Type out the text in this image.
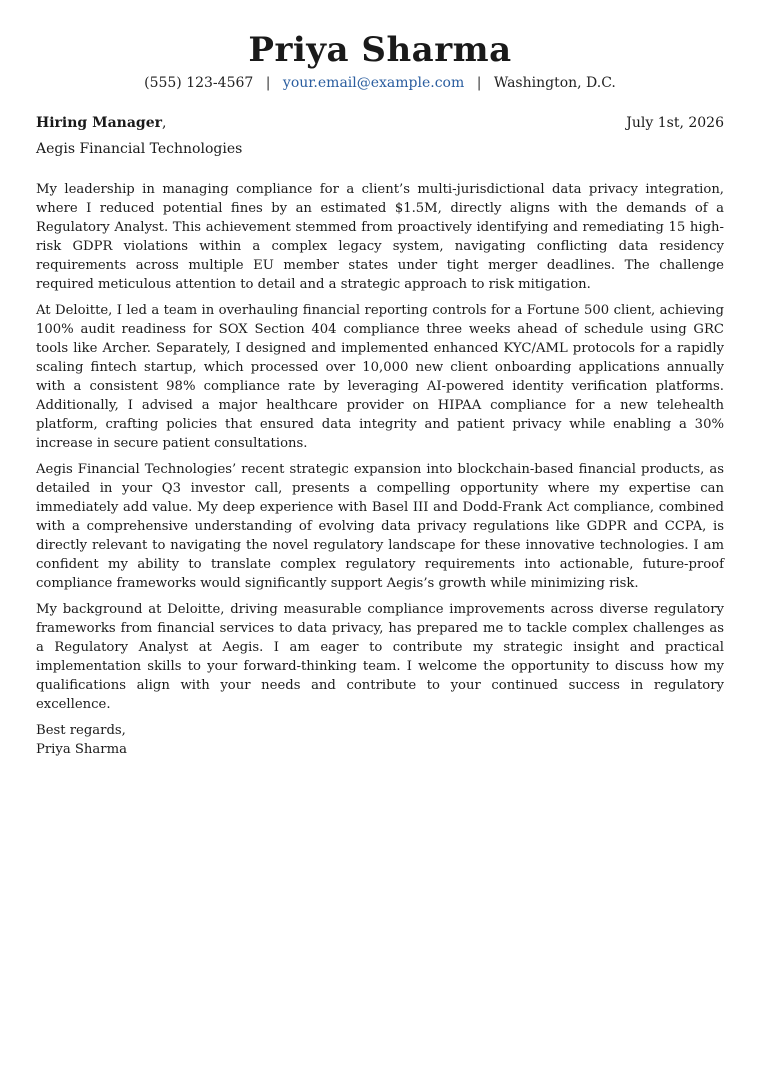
Priya Sharma
(555) 123-4567 | your.email@example.com | Washington, D.C.
Hiring Manager,	July 1st, 2026
Aegis Financial Technologies

My leadership in managing compliance for a client’s multi-jurisdictional data privacy integration, where I reduced potential fines by an estimated $1.5M, directly aligns with the demands of a Regulatory Analyst. This achievement stemmed from proactively identifying and remediating 15 high-risk GDPR violations within a complex legacy system, navigating conflicting data residency requirements across multiple EU member states under tight merger deadlines. The challenge required meticulous attention to detail and a strategic approach to risk mitigation.

At Deloitte, I led a team in overhauling financial reporting controls for a Fortune 500 client, achieving 100% audit readiness for SOX Section 404 compliance three weeks ahead of schedule using GRC tools like Archer. Separately, I designed and implemented enhanced KYC/AML protocols for a rapidly scaling fintech startup, which processed over 10,000 new client onboarding applications annually with a consistent 98% compliance rate by leveraging AI-powered identity verification platforms. Additionally, I advised a major healthcare provider on HIPAA compliance for a new telehealth platform, crafting policies that ensured data integrity and patient privacy while enabling a 30% increase in secure patient consultations.

Aegis Financial Technologies’ recent strategic expansion into blockchain-based financial products, as detailed in your Q3 investor call, presents a compelling opportunity where my expertise can immediately add value. My deep experience with Basel III and Dodd-Frank Act compliance, combined with a comprehensive understanding of evolving data privacy regulations like GDPR and CCPA, is directly relevant to navigating the novel regulatory landscape for these innovative technologies. I am confident my ability to translate complex regulatory requirements into actionable, future-proof compliance frameworks would significantly support Aegis’s growth while minimizing risk.

My background at Deloitte, driving measurable compliance improvements across diverse regulatory frameworks from financial services to data privacy, has prepared me to tackle complex challenges as a Regulatory Analyst at Aegis. I am eager to contribute my strategic insight and practical implementation skills to your forward-thinking team. I welcome the opportunity to discuss how my qualifications align with your needs and contribute to your continued success in regulatory excellence.

Best regards,
Priya Sharma
